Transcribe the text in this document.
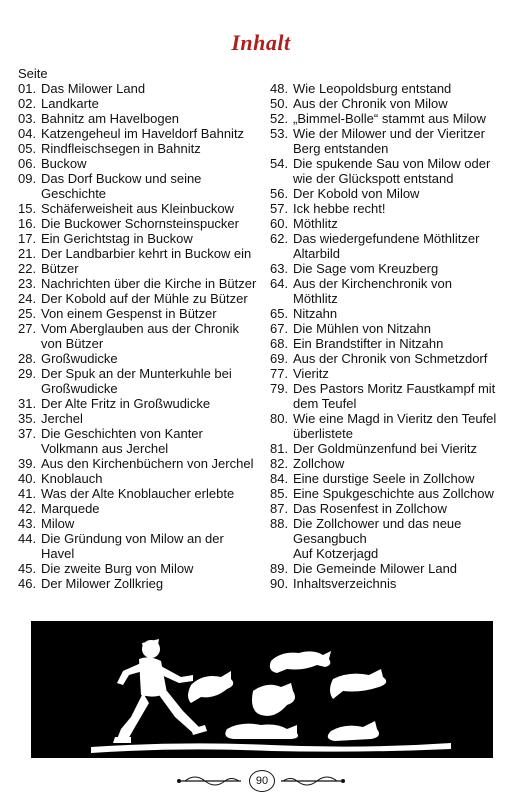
Inhalt
Seite
01. Das Milower Land
02. Landkarte
03. Bahnitz am Havelbogen
04. Katzengeheul im Haveldorf Bahnitz
05. Rindfleischsegen in Bahnitz
06. Buckow
09. Das Dorf Buckow und seine
Geschichte
15. Schäferweisheit aus Kleinbuckow
16. Die Buckower Schornsteinspucker
17. Ein Gerichtstag in Buckow
21. Der Landbarbier kehrt in Buckow ein
22. Bützer
23. Nachrichten über die Kirche in Bützer
24. Der Kobold auf der Mühle zu Bützer
25. Von einem Gespenst in Bützer
27. Vom Aberglauben aus der Chronik
von Bützer
28. Großwudicke
29. Der Spuk an der Munterkuhle bei
Großwudicke
31. Der Alte Fritz in Großwudicke
35. Jerchel
37. Die Geschichten von Kanter
Volkmann aus Jerchel
39. Aus den Kirchenbüchern von Jerchel
40. Knoblauch
41. Was der Alte Knoblaucher erlebte
42. Marquede
43. Milow
44. Die Gründung von Milow an der
Havel
45. Die zweite Burg von Milow
46. Der Milower Zollkrieg
48. Wie Leopoldsburg entstand
50. Aus der Chronik von Milow
52. „Bimmel-Bolle“ stammt aus Milow
53. Wie der Milower und der Vieritzer
Berg entstanden
54. Die spukende Sau von Milow oder
wie der Glückspott entstand
56. Der Kobold von Milow
57. Ick hebbe recht!
60. Möthlitz
62. Das wiedergefundene Möthlitzer
Altarbild
63. Die Sage vom Kreuzberg
64. Aus der Kirchenchronik von
Möthlitz
65. Nitzahn
67. Die Mühlen von Nitzahn
68. Ein Brandstifter in Nitzahn
69. Aus der Chronik von Schmetzdorf
77. Vieritz
79. Des Pastors Moritz Faustkampf mit
dem Teufel
80. Wie eine Magd in Vieritz den Teufel
überlistete
81. Der Goldmünzenfund bei Vieritz
82. Zollchow
84. Eine durstige Seele in Zollchow
85. Eine Spukgeschichte aus Zollchow
87. Das Rosenfest in Zollchow
88. Die Zollchower und das neue
Gesangbuch
Auf Kotzerjagd
89. Die Gemeinde Milower Land
90. Inhaltsverzeichnis
90
